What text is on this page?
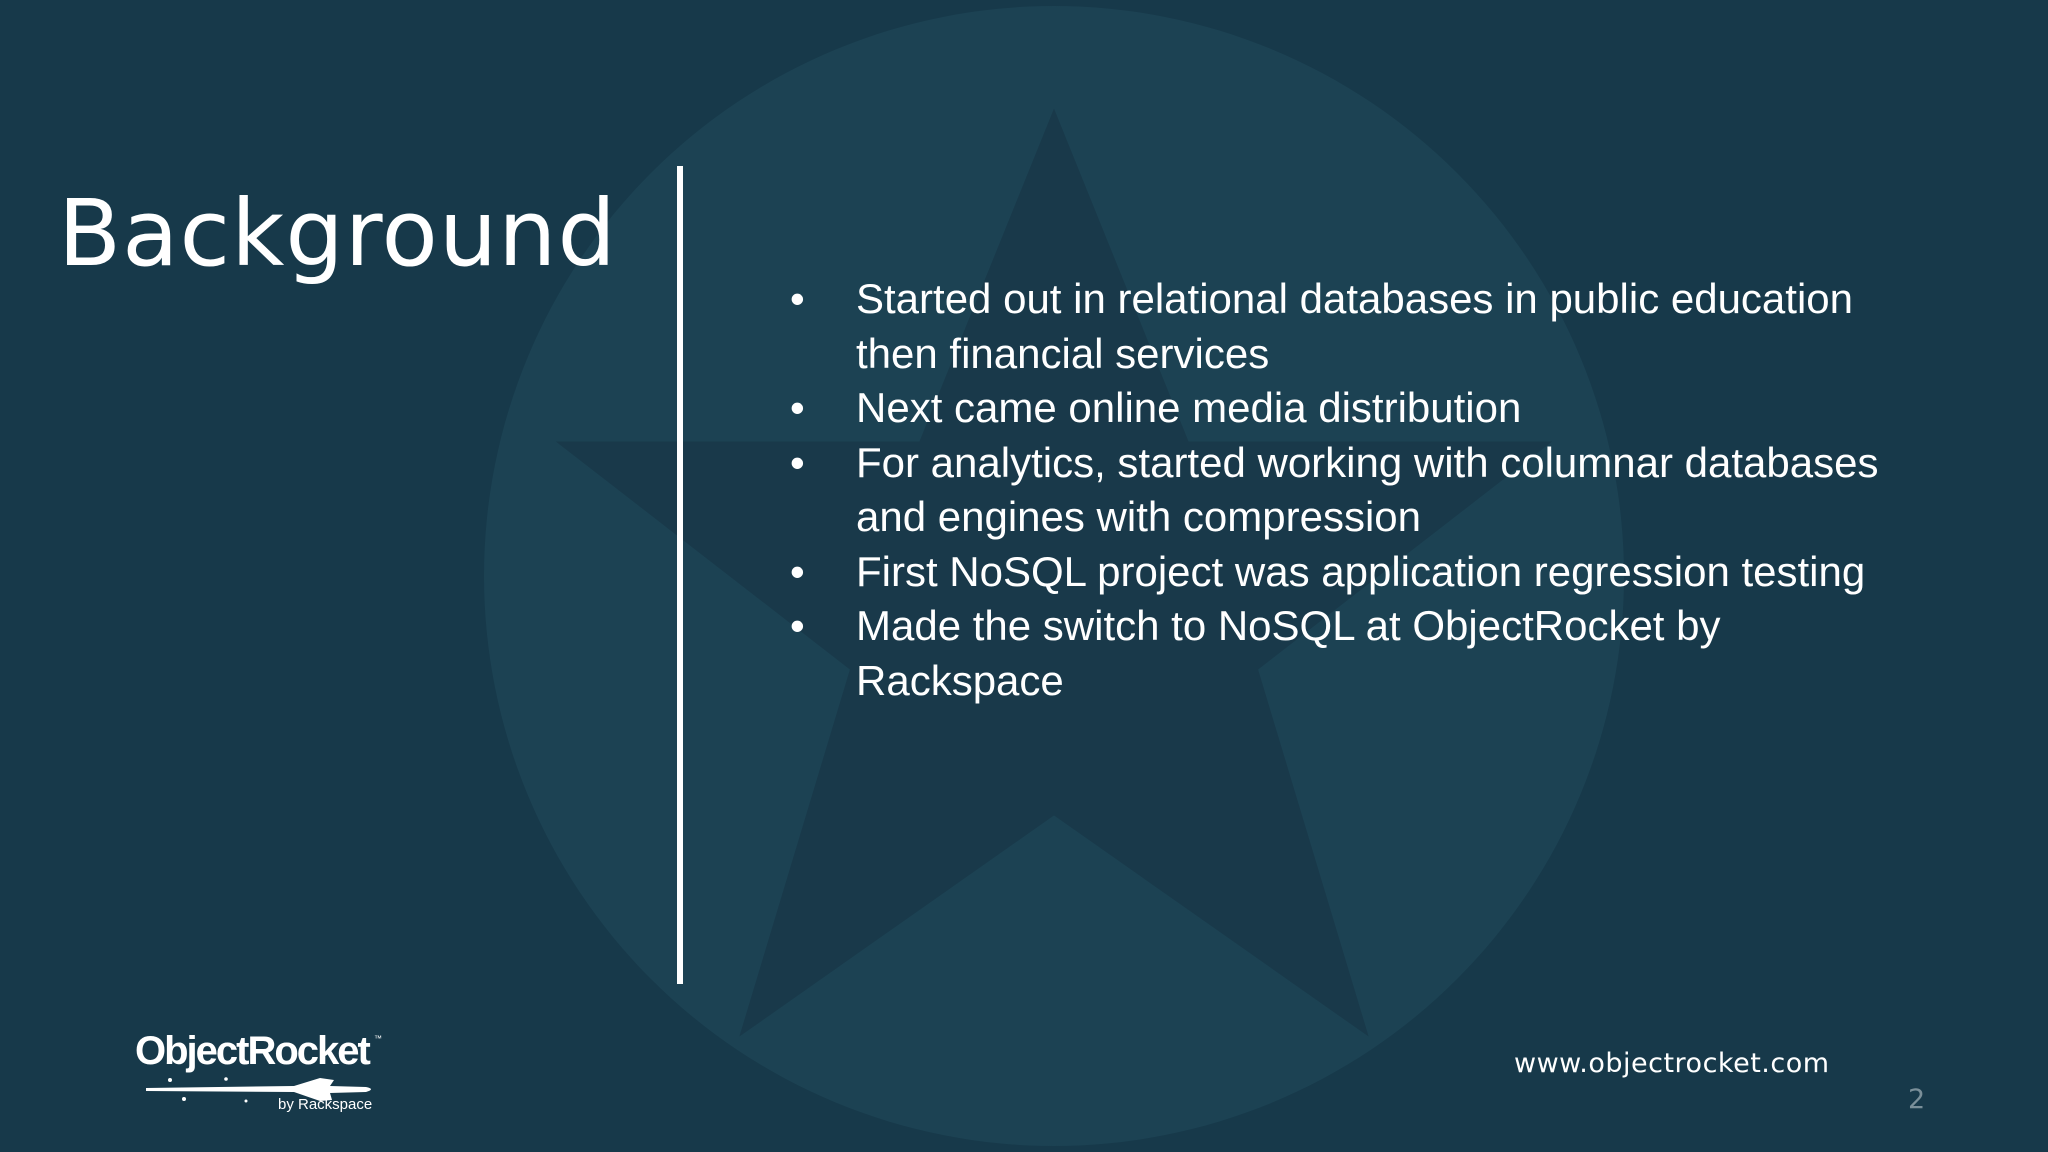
Background
• Started out in relational databases in public education then financial services
• Next came online media distribution
• For analytics, started working with columnar databases and engines with compression
• First NoSQL project was application regression testing
• Made the switch to NoSQL at ObjectRocket by Rackspace
ObjectRocket ™
by Rackspace
www.objectrocket.com
2
